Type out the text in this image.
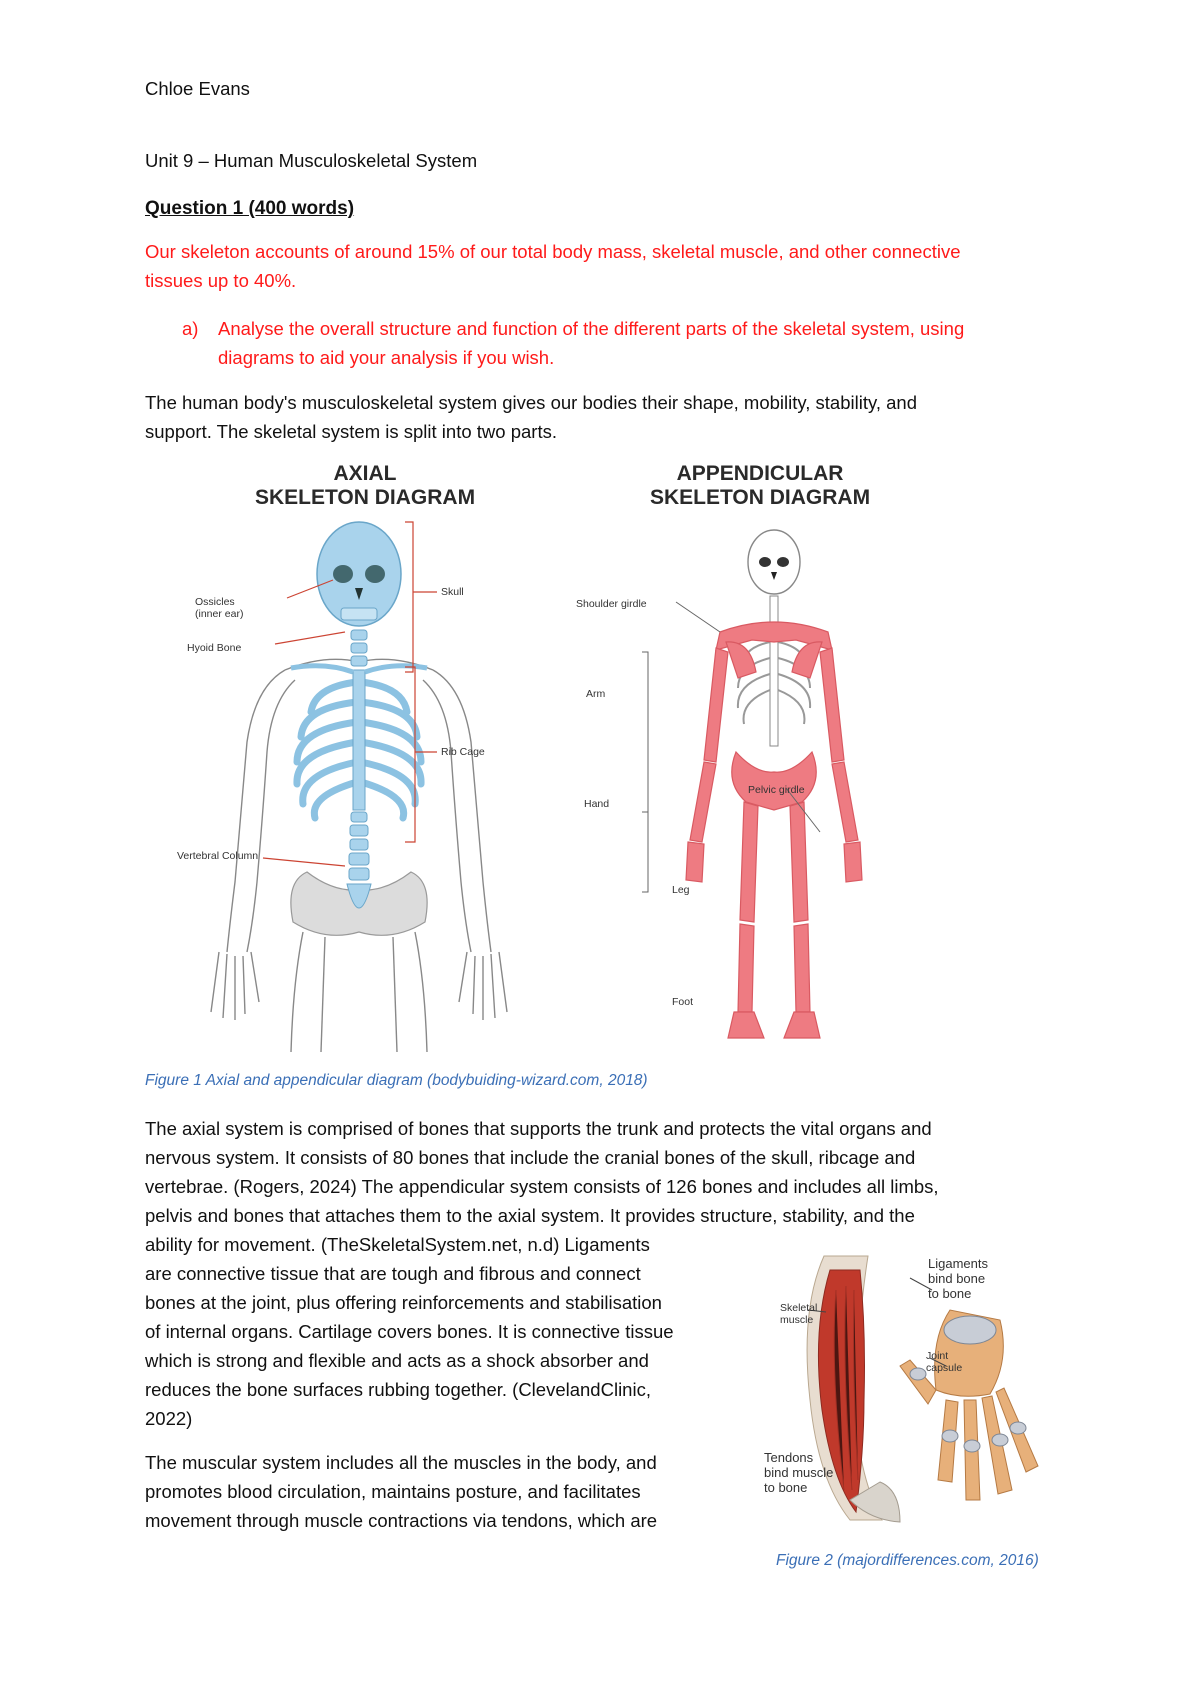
Chloe Evans
Unit 9 – Human Musculoskeletal System
Question 1 (400 words)
Our skeleton accounts of around 15% of our total body mass, skeletal muscle, and other connective
tissues up to 40%.
a) Analyse the overall structure and function of the different parts of the skeletal system, using
diagrams to aid your analysis if you wish.
The human body's musculoskeletal system gives our bodies their shape, mobility, stability, and
support. The skeletal system is split into two parts.
AXIAL
SKELETON DIAGRAM
Ossicles
(inner ear)
Hyoid Bone
Skull
Rib Cage
Vertebral Column
APPENDICULAR
SKELETON DIAGRAM
Shoulder girdle
Arm
Hand
Pelvic girdle
Leg
Foot
Figure 1 Axial and appendicular diagram (bodybuiding-wizard.com, 2018)
The axial system is comprised of bones that supports the trunk and protects the vital organs and
nervous system. It consists of 80 bones that include the cranial bones of the skull, ribcage and
vertebrae. (Rogers, 2024) The appendicular system consists of 126 bones and includes all limbs,
pelvis and bones that attaches them to the axial system. It provides structure, stability, and the
ability for movement. (TheSkeletalSystem.net, n.d) Ligaments
are connective tissue that are tough and fibrous and connect
bones at the joint, plus offering reinforcements and stabilisation
of internal organs. Cartilage covers bones. It is connective tissue
which is strong and flexible and acts as a shock absorber and
reduces the bone surfaces rubbing together. (ClevelandClinic,
2022)
The muscular system includes all the muscles in the body, and
promotes blood circulation, maintains posture, and facilitates
movement through muscle contractions via tendons, which are
Skeletal
muscle
Ligaments
bind bone
to bone
Joint
capsule
Tendons
bind muscle
to bone
Figure 2 (majordifferences.com, 2016)
